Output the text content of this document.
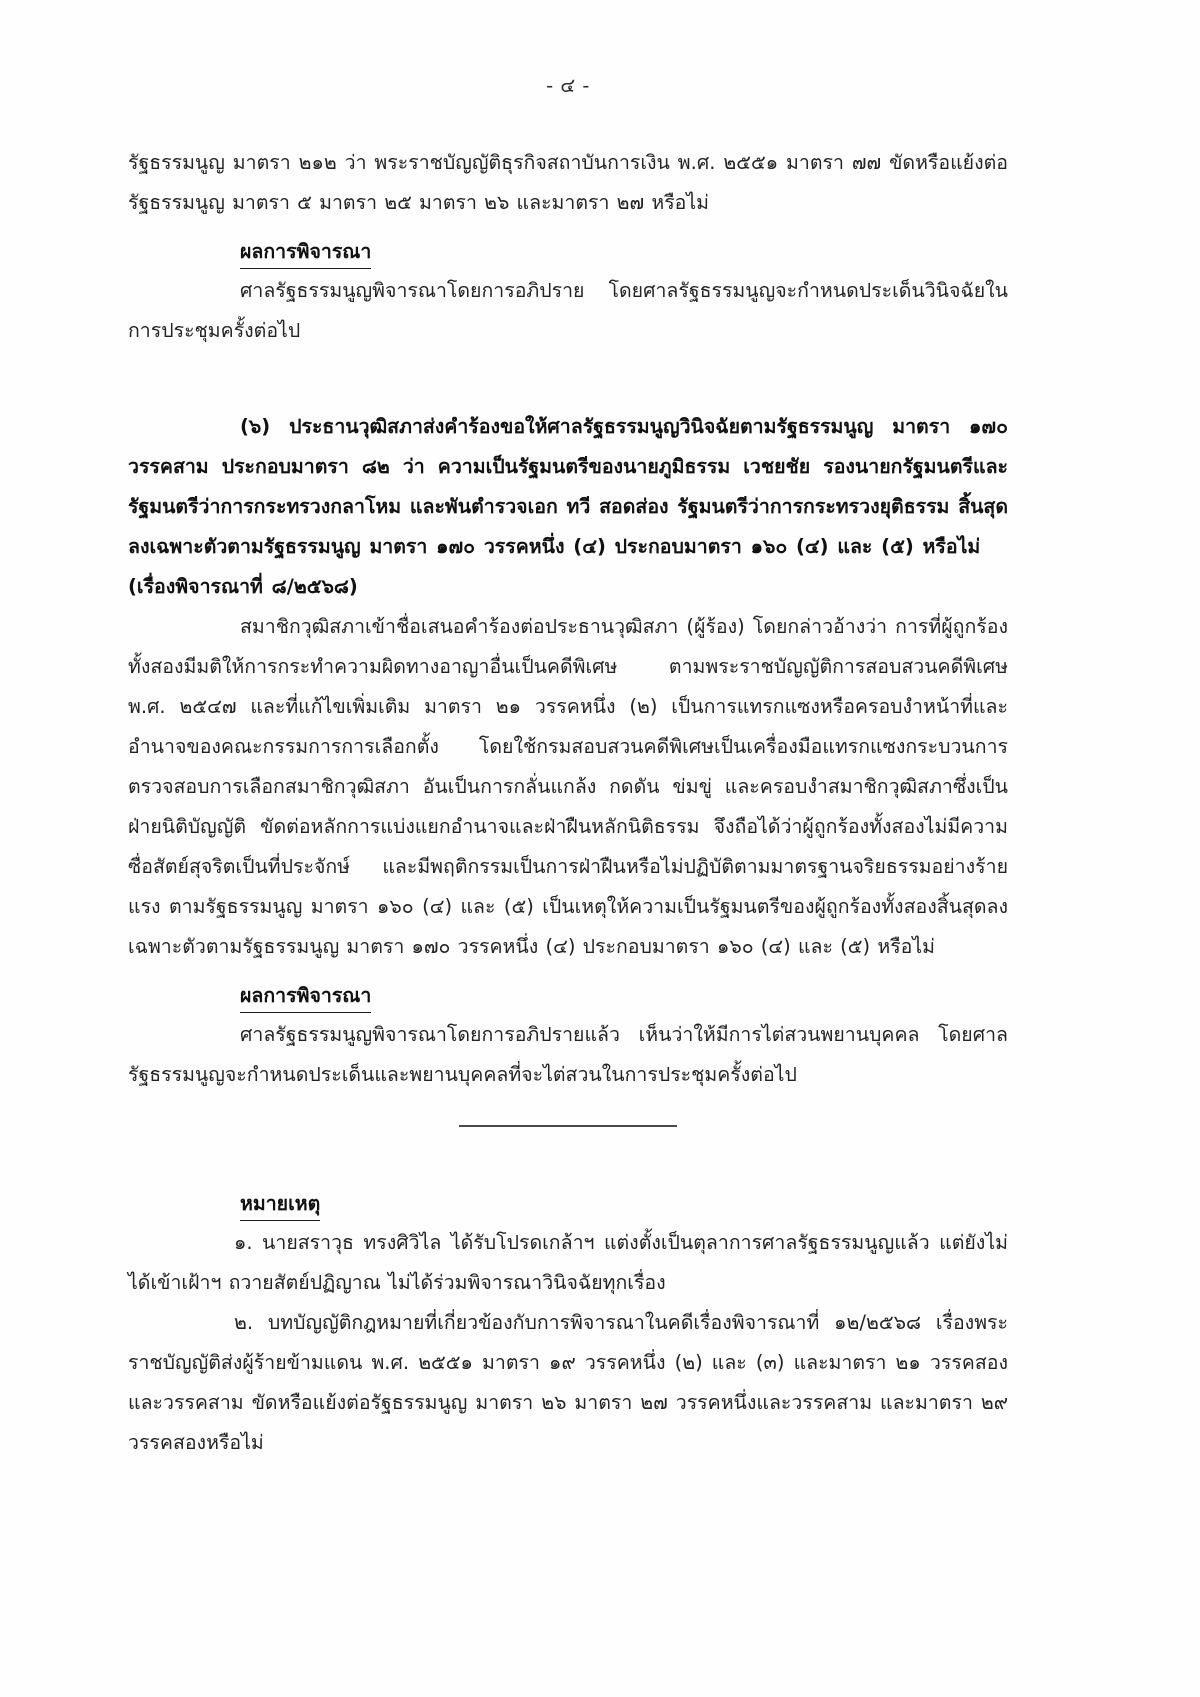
- ๔ -

รัฐธรรมนูญ มาตรา ๒๑๒ ว่า พระราชบัญญัติธุรกิจสถาบันการเงิน พ.ศ. ๒๕๕๑ มาตรา ๗๗ ขัดหรือแย้งต่อรัฐธรรมนูญ มาตรา ๕ มาตรา ๒๕ มาตรา ๒๖ และมาตรา ๒๗ หรือไม่

ผลการพิจารณา

ศาลรัฐธรรมนูญพิจารณาโดยการอภิปราย โดยศาลรัฐธรรมนูญจะกำหนดประเด็นวินิจฉัยในการประชุมครั้งต่อไป

(๖) ประธานวุฒิสภาส่งคำร้องขอให้ศาลรัฐธรรมนูญวินิจฉัยตามรัฐธรรมนูญ มาตรา ๑๗๐ วรรคสาม ประกอบมาตรา ๘๒ ว่า ความเป็นรัฐมนตรีของนายภูมิธรรม เวชยชัย รองนายกรัฐมนตรีและรัฐมนตรีว่าการกระทรวงกลาโหม และพันตำรวจเอก ทวี สอดส่อง รัฐมนตรีว่าการกระทรวงยุติธรรม สิ้นสุดลงเฉพาะตัวตามรัฐธรรมนูญ มาตรา ๑๗๐ วรรคหนึ่ง (๔) ประกอบมาตรา ๑๖๐ (๔) และ (๕) หรือไม่

(เรื่องพิจารณาที่ ๘/๒๕๖๘)

สมาชิกวุฒิสภาเข้าชื่อเสนอคำร้องต่อประธานวุฒิสภา (ผู้ร้อง) โดยกล่าวอ้างว่า การที่ผู้ถูกร้องทั้งสองมีมติให้การกระทำความผิดทางอาญาอื่นเป็นคดีพิเศษ ตามพระราชบัญญัติการสอบสวนคดีพิเศษ พ.ศ. ๒๕๔๗ และที่แก้ไขเพิ่มเติม มาตรา ๒๑ วรรคหนึ่ง (๒) เป็นการแทรกแซงหรือครอบงำหน้าที่และอำนาจของคณะกรรมการการเลือกตั้ง โดยใช้กรมสอบสวนคดีพิเศษเป็นเครื่องมือแทรกแซงกระบวนการตรวจสอบการเลือกสมาชิกวุฒิสภา อันเป็นการกลั่นแกล้ง กดดัน ข่มขู่ และครอบงำสมาชิกวุฒิสภาซึ่งเป็นฝ่ายนิติบัญญัติ ขัดต่อหลักการแบ่งแยกอำนาจและฝ่าฝืนหลักนิติธรรม จึงถือได้ว่าผู้ถูกร้องทั้งสองไม่มีความซื่อสัตย์สุจริตเป็นที่ประจักษ์ และมีพฤติกรรมเป็นการฝ่าฝืนหรือไม่ปฏิบัติตามมาตรฐานจริยธรรมอย่างร้ายแรง ตามรัฐธรรมนูญ มาตรา ๑๖๐ (๔) และ (๕) เป็นเหตุให้ความเป็นรัฐมนตรีของผู้ถูกร้องทั้งสองสิ้นสุดลงเฉพาะตัวตามรัฐธรรมนูญ มาตรา ๑๗๐ วรรคหนึ่ง (๔) ประกอบมาตรา ๑๖๐ (๔) และ (๕) หรือไม่

ผลการพิจารณา

ศาลรัฐธรรมนูญพิจารณาโดยการอภิปรายแล้ว เห็นว่าให้มีการไต่สวนพยานบุคคล โดยศาลรัฐธรรมนูญจะกำหนดประเด็นและพยานบุคคลที่จะไต่สวนในการประชุมครั้งต่อไป

หมายเหตุ

๑. นายสราวุธ ทรงศิวิไล ได้รับโปรดเกล้าฯ แต่งตั้งเป็นตุลาการศาลรัฐธรรมนูญแล้ว แต่ยังไม่ได้เข้าเฝ้าฯ ถวายสัตย์ปฏิญาณ ไม่ได้ร่วมพิจารณาวินิจฉัยทุกเรื่อง

๒. บทบัญญัติกฎหมายที่เกี่ยวข้องกับการพิจารณาในคดีเรื่องพิจารณาที่ ๑๒/๒๕๖๘ เรื่องพระราชบัญญัติส่งผู้ร้ายข้ามแดน พ.ศ. ๒๕๕๑ มาตรา ๑๙ วรรคหนึ่ง (๒) และ (๓) และมาตรา ๒๑ วรรคสองและวรรคสาม ขัดหรือแย้งต่อรัฐธรรมนูญ มาตรา ๒๖ มาตรา ๒๗ วรรคหนึ่งและวรรคสาม และมาตรา ๒๙ วรรคสองหรือไม่
